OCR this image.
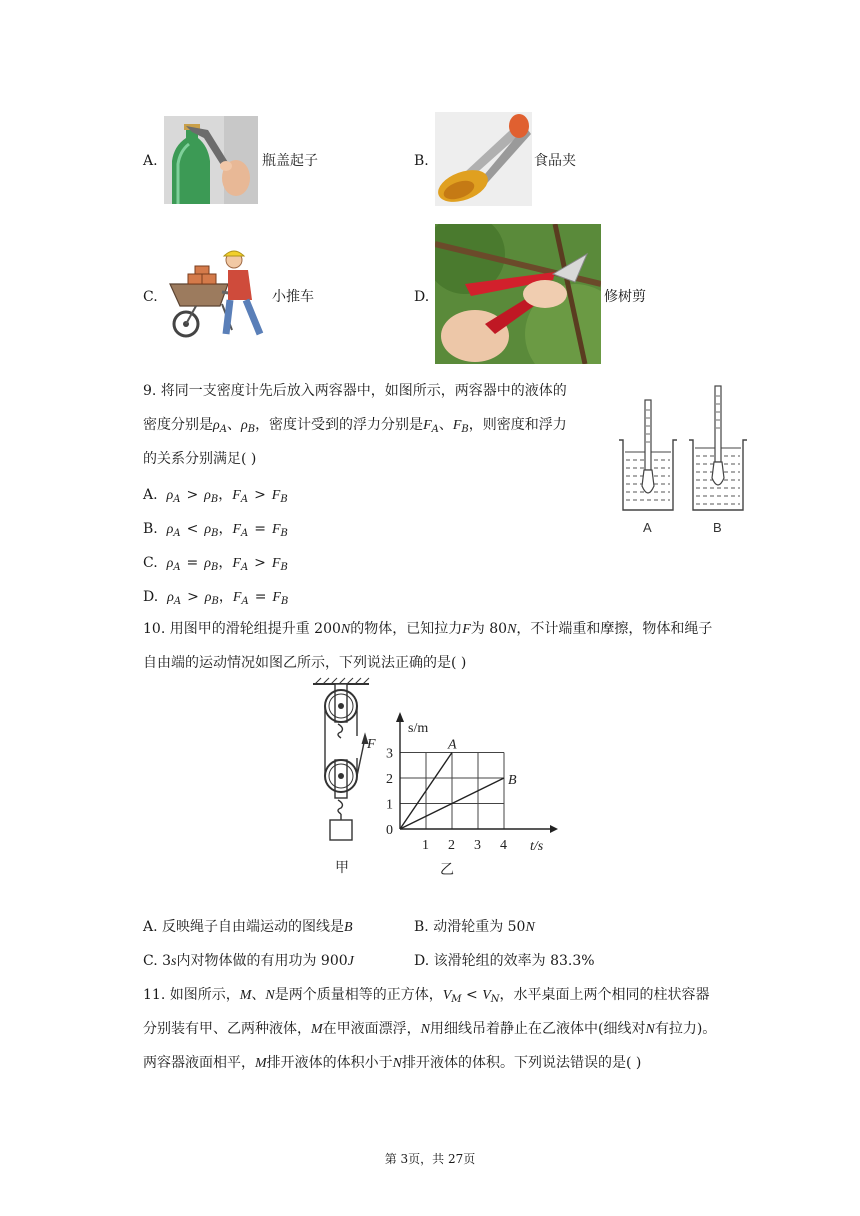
A.	瓶盖起子	B.	食品夹
C.	小推车	D.	修树剪
9. 将同一支密度计先后放入两容器中，如图所示，两容器中的液体的
密度分别是$\rho_A$、$\rho_B$，密度计受到的浮力分别是$F_A$、$F_B$，则密度和浮力
的关系分别满足( )
A. $\rho_A > \rho_B$，$F_A > F_B$
B. $\rho_A < \rho_B$，$F_A = F_B$
C. $\rho_A = \rho_B$，$F_A > F_B$
D. $\rho_A > \rho_B$，$F_A = F_B$
A	B
10. 用图甲的滑轮组提升重 200N的物体，已知拉力F为 80N，不计端重和摩擦，物体和绳子
自由端的运动情况如图乙所示，下列说法正确的是( )
F
甲
0
1 2 3 4
1
2
3
s/m
t/s
A
B
乙
A. 反映绳子自由端运动的图线是B	B. 动滑轮重为 50N
C. 3s内对物体做的有用功为 900J	D. 该滑轮组的效率为 83.3%
11. 如图所示，M、N是两个质量相等的正方体，$V_M < V_N$，水平桌面上两个相同的柱状容器
分别装有甲、乙两种液体，M在甲液面漂浮，N用细线吊着静止在乙液体中(细线对N有拉力)。
两容器液面相平，M排开液体的体积小于N排开液体的体积。下列说法错误的是( )
第 3页，共 27页
